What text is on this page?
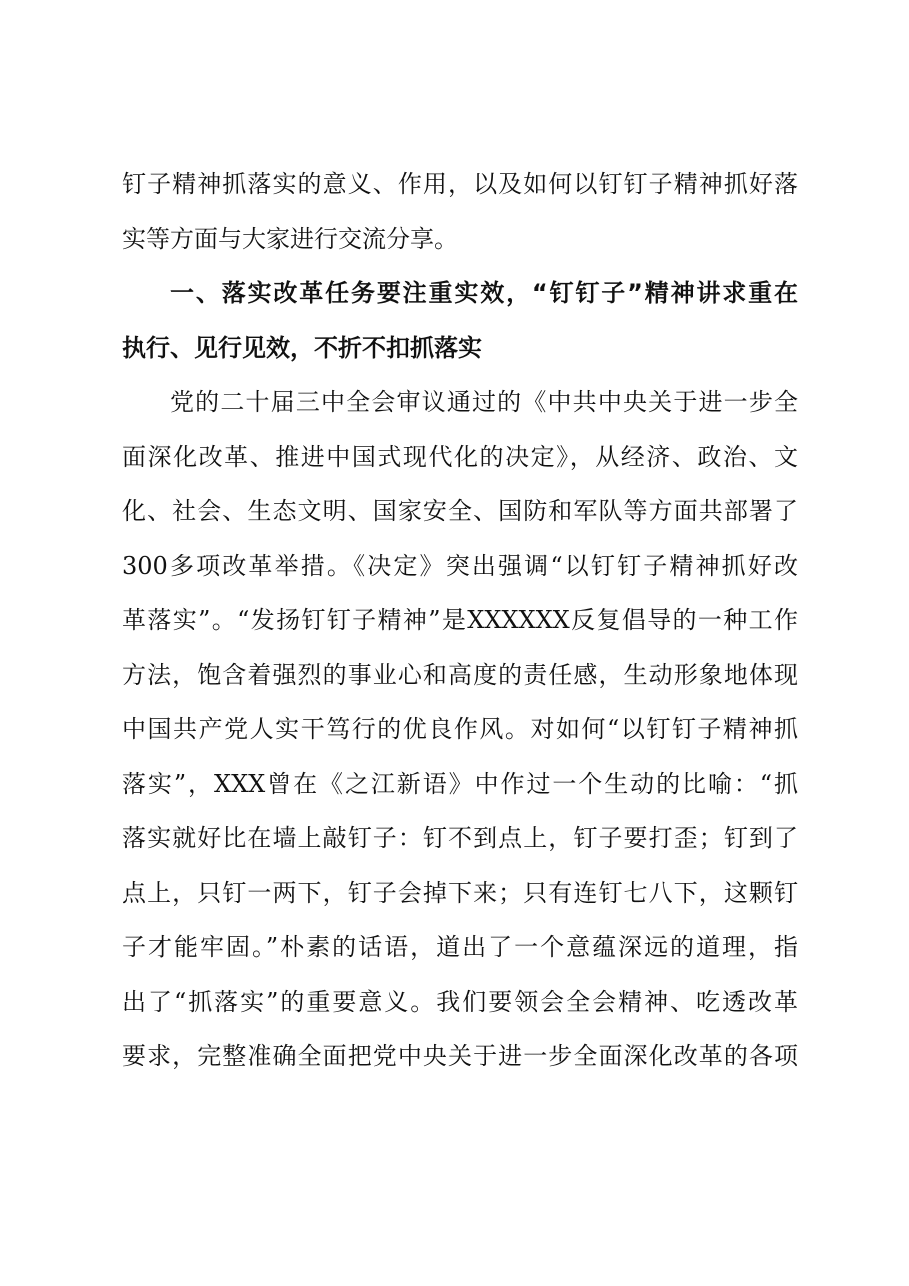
钉子精神抓落实的意义、作用，以及如何以钉钉子精神抓好落
实等方面与大家进行交流分享。
一、落实改革任务要注重实效，“钉钉子”精神讲求重在
执行、见行见效，不折不扣抓落实
党的二十届三中全会审议通过的《中共中央关于进一步全
面深化改革、推进中国式现代化的决定》，从经济、政治、文
化、社会、生态文明、国家安全、国防和军队等方面共部署了
300多项改革举措。《决定》突出强调“以钉钉子精神抓好改
革落实”。“发扬钉钉子精神”是XXXXXX反复倡导的一种工作
方法，饱含着强烈的事业心和高度的责任感，生动形象地体现
中国共产党人实干笃行的优良作风。对如何“以钉钉子精神抓
落实”，XXX曾在《之江新语》中作过一个生动的比喻：“抓
落实就好比在墙上敲钉子：钉不到点上，钉子要打歪；钉到了
点上，只钉一两下，钉子会掉下来；只有连钉七八下，这颗钉
子才能牢固。”朴素的话语，道出了一个意蕴深远的道理，指
出了“抓落实”的重要意义。我们要领会全会精神、吃透改革
要求，完整准确全面把党中央关于进一步全面深化改革的各项
